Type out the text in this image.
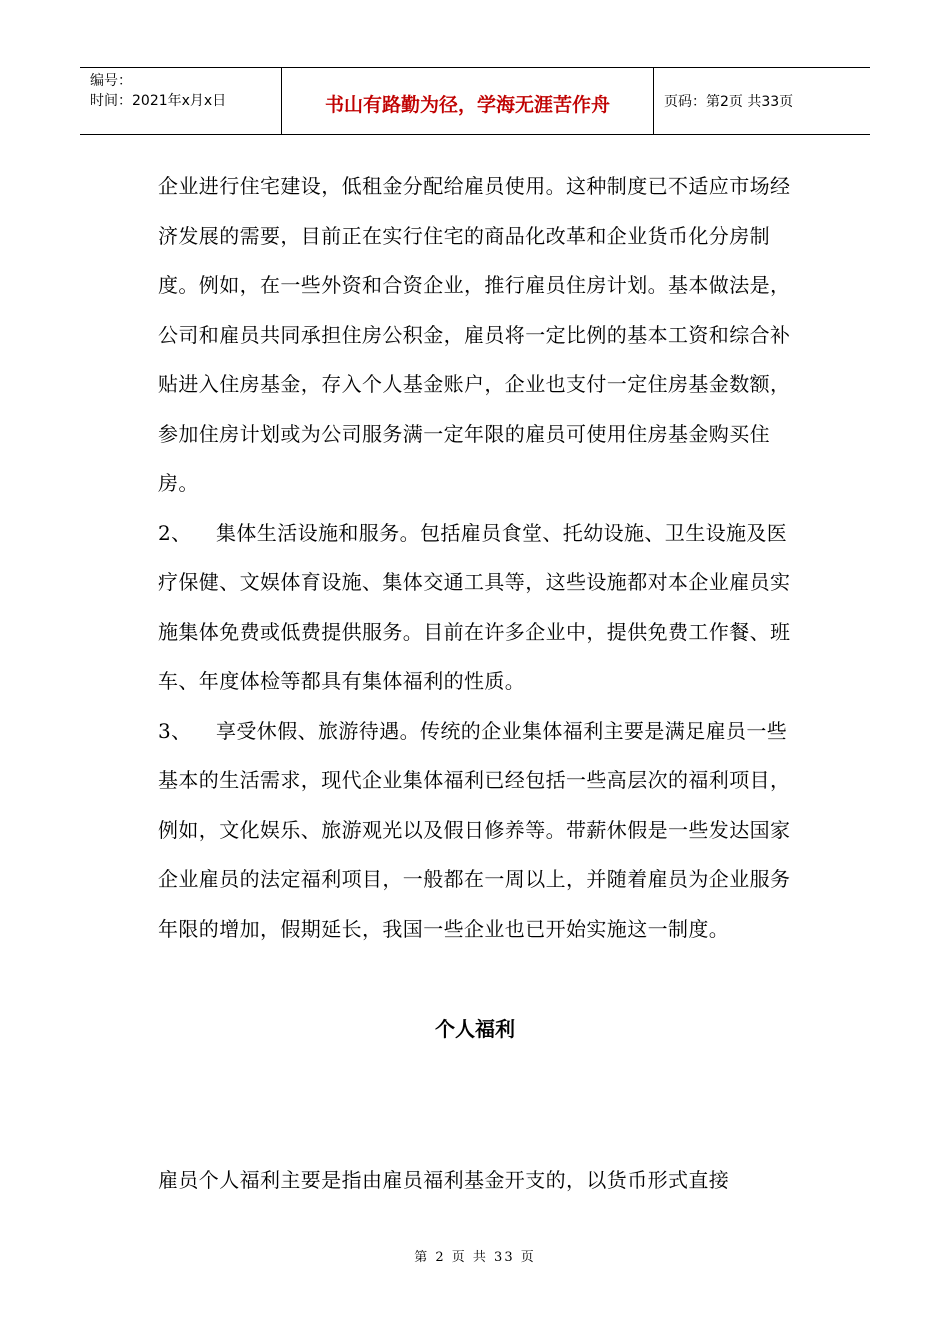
编号：
时间：2021年x月x日	书山有路勤为径，学海无涯苦作舟	页码：第2页 共33页

企业进行住宅建设，低租金分配给雇员使用。这种制度已不适应市场经济发展的需要，目前正在实行住宅的商品化改革和企业货币化分房制度。例如，在一些外资和合资企业，推行雇员住房计划。基本做法是，公司和雇员共同承担住房公积金，雇员将一定比例的基本工资和综合补贴进入住房基金，存入个人基金账户，企业也支付一定住房基金数额，参加住房计划或为公司服务满一定年限的雇员可使用住房基金购买住房。

2、 集体生活设施和服务。包括雇员食堂、托幼设施、卫生设施及医疗保健、文娱体育设施、集体交通工具等，这些设施都对本企业雇员实施集体免费或低费提供服务。目前在许多企业中，提供免费工作餐、班车、年度体检等都具有集体福利的性质。

3、 享受休假、旅游待遇。传统的企业集体福利主要是满足雇员一些基本的生活需求，现代企业集体福利已经包括一些高层次的福利项目，例如，文化娱乐、旅游观光以及假日修养等。带薪休假是一些发达国家企业雇员的法定福利项目，一般都在一周以上，并随着雇员为企业服务年限的增加，假期延长，我国一些企业也已开始实施这一制度。

个人福利
雇员个人福利主要是指由雇员福利基金开支的，以货币形式直接
第 2 页 共 33 页
